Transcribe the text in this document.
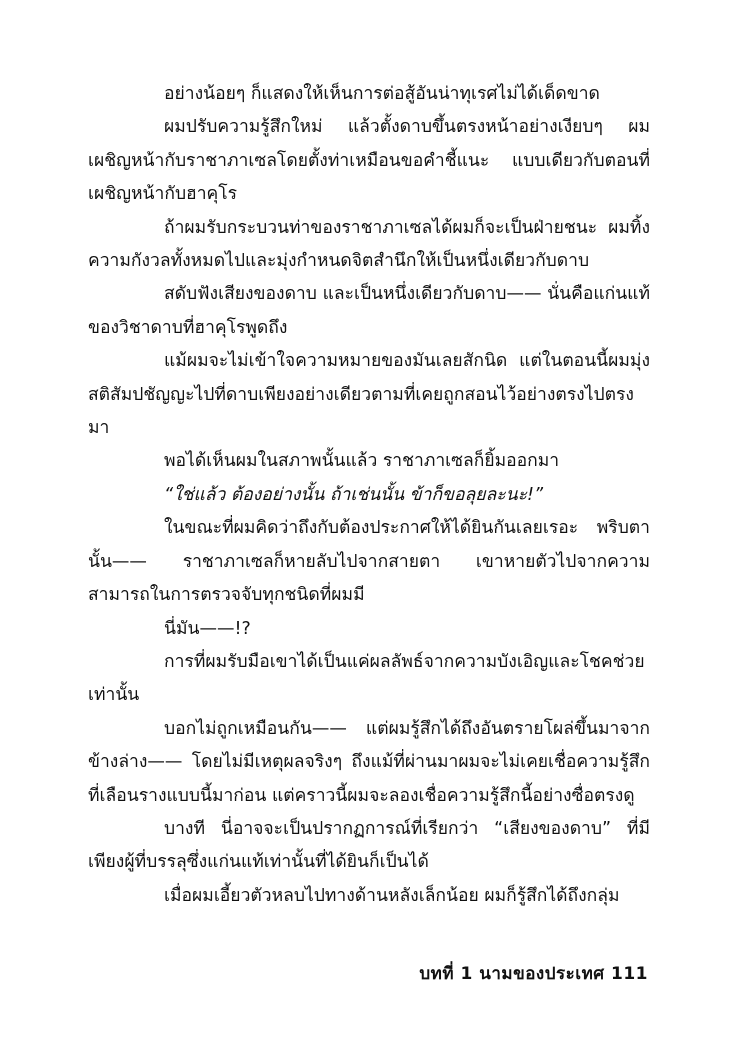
อย่างน้อยๆ ก็แสดงให้เห็นการต่อสู้อันน่าทุเรศไม่ได้เด็ดขาด

ผมปรับความรู้สึกใหม่ แล้วตั้งดาบขึ้นตรงหน้าอย่างเงียบๆ ผมเผชิญหน้ากับราชาภาเซลโดยตั้งท่าเหมือนขอคำชี้แนะ แบบเดียวกับตอนที่เผชิญหน้ากับฮาคุโร

ถ้าผมรับกระบวนท่าของราชาภาเซลได้ผมก็จะเป็นฝ่ายชนะ ผมทิ้งความกังวลทั้งหมดไปและมุ่งกำหนดจิตสำนึกให้เป็นหนึ่งเดียวกับดาบ

สดับฟังเสียงของดาบ และเป็นหนึ่งเดียวกับดาบ—— นั่นคือแก่นแท้ของวิชาดาบที่ฮาคุโรพูดถึง

แม้ผมจะไม่เข้าใจความหมายของมันเลยสักนิด แต่ในตอนนี้ผมมุ่งสติสัมปชัญญะไปที่ดาบเพียงอย่างเดียวตามที่เคยถูกสอนไว้อย่างตรงไปตรงมา

พอได้เห็นผมในสภาพนั้นแล้ว ราชาภาเซลก็ยิ้มออกมา

“ใช่แล้ว ต้องอย่างนั้น ถ้าเช่นนั้น ข้าก็ขอลุยละนะ!”

ในขณะที่ผมคิดว่าถึงกับต้องประกาศให้ได้ยินกันเลยเรอะ พริบตานั้น—— ราชาภาเซลก็หายลับไปจากสายตา เขาหายตัวไปจากความสามารถในการตรวจจับทุกชนิดที่ผมมี

นี่มัน——!?

การที่ผมรับมือเขาได้เป็นแค่ผลลัพธ์จากความบังเอิญและโชคช่วยเท่านั้น

บอกไม่ถูกเหมือนกัน—— แต่ผมรู้สึกได้ถึงอันตรายโผล่ขึ้นมาจากข้างล่าง—— โดยไม่มีเหตุผลจริงๆ ถึงแม้ที่ผ่านมาผมจะไม่เคยเชื่อความรู้สึกที่เลือนรางแบบนี้มาก่อน แต่คราวนี้ผมจะลองเชื่อความรู้สึกนี้อย่างซื่อตรงดู

บางที นี่อาจจะเป็นปรากฏการณ์ที่เรียกว่า “เสียงของดาบ” ที่มีเพียงผู้ที่บรรลุซึ่งแก่นแท้เท่านั้นที่ได้ยินก็เป็นได้

เมื่อผมเอี้ยวตัวหลบไปทางด้านหลังเล็กน้อย ผมก็รู้สึกได้ถึงกลุ่ม

บทที่ 1 นามของประเทศ 111
